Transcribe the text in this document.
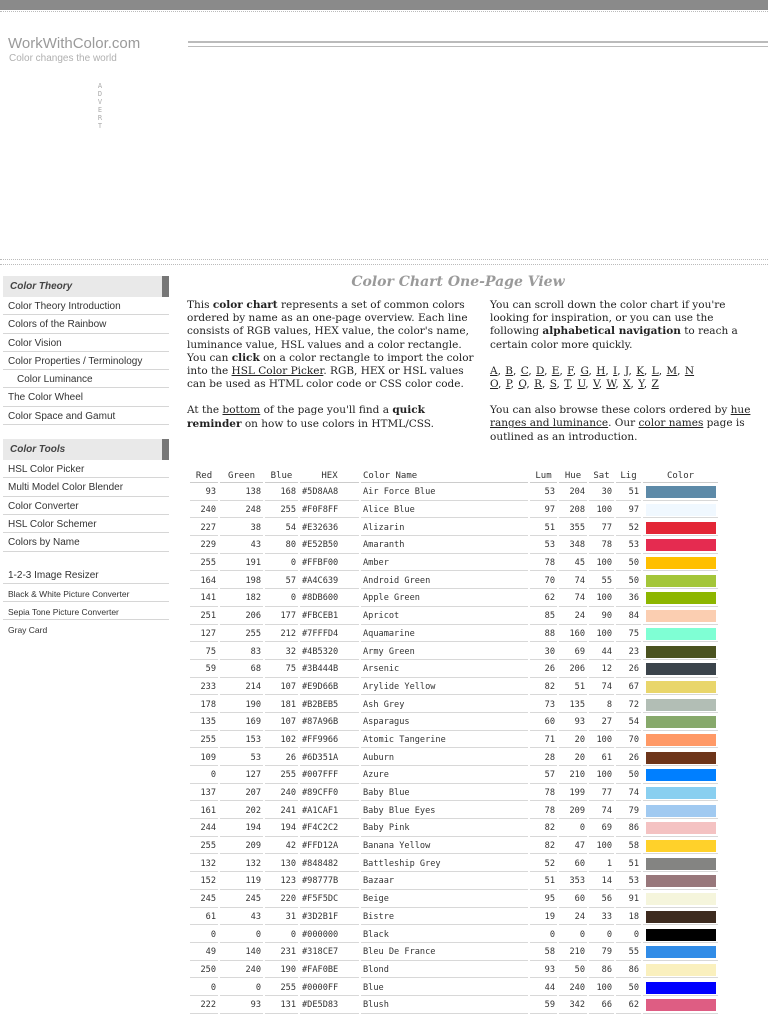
WorkWithColor.com
Color changes the world
A
D
V
E
R
T
Color Theory
Color Theory Introduction
Colors of the Rainbow
Color Vision
Color Properties / Terminology
Color Luminance
The Color Wheel
Color Space and Gamut
Color Tools
HSL Color Picker
Multi Model Color Blender
Color Converter
HSL Color Schemer
Colors by Name
1-2-3 Image Resizer
Black & White Picture Converter
Sepia Tone Picture Converter
Gray Card
Color Chart One-Page View
This color chart represents a set of common colors ordered by name as an one-page overview. Each line consists of RGB values, HEX value, the color's name, luminance value, HSL values and a color rectangle. You can click on a color rectangle to import the color into the HSL Color Picker. RGB, HEX or HSL values can be used as HTML color code or CSS color code.
At the bottom of the page you'll find a quick reminder on how to use colors in HTML/CSS.
You can scroll down the color chart if you're looking for inspiration, or you can use the following alphabetical navigation to reach a certain color more quickly.
A, B, C, D, E, F, G, H, I, J, K, L, M, N
O, P, Q, R, S, T, U, V, W, X, Y, Z
You can also browse these colors ordered by hue ranges and luminance. Our color names page is outlined as an introduction.
Red	Green	Blue	HEX	Color Name	Lum	Hue	Sat	Lig	Color
93	138	168	#5D8AA8	Air Force Blue	53	204	30	51	

240	248	255	#F0F8FF	Alice Blue	97	208	100	97	

227	38	54	#E32636	Alizarin	51	355	77	52	

229	43	80	#E52B50	Amaranth	53	348	78	53	

255	191	0	#FFBF00	Amber	78	45	100	50	

164	198	57	#A4C639	Android Green	70	74	55	50	

141	182	0	#8DB600	Apple Green	62	74	100	36	

251	206	177	#FBCEB1	Apricot	85	24	90	84	

127	255	212	#7FFFD4	Aquamarine	88	160	100	75	

75	83	32	#4B5320	Army Green	30	69	44	23	

59	68	75	#3B444B	Arsenic	26	206	12	26	

233	214	107	#E9D66B	Arylide Yellow	82	51	74	67	

178	190	181	#B2BEB5	Ash Grey	73	135	8	72	

135	169	107	#87A96B	Asparagus	60	93	27	54	

255	153	102	#FF9966	Atomic Tangerine	71	20	100	70	

109	53	26	#6D351A	Auburn	28	20	61	26	

0	127	255	#007FFF	Azure	57	210	100	50	

137	207	240	#89CFF0	Baby Blue	78	199	77	74	

161	202	241	#A1CAF1	Baby Blue Eyes	78	209	74	79	

244	194	194	#F4C2C2	Baby Pink	82	0	69	86	

255	209	42	#FFD12A	Banana Yellow	82	47	100	58	

132	132	130	#848482	Battleship Grey	52	60	1	51	

152	119	123	#98777B	Bazaar	51	353	14	53	

245	245	220	#F5F5DC	Beige	95	60	56	91	

61	43	31	#3D2B1F	Bistre	19	24	33	18	

0	0	0	#000000	Black	0	0	0	0	

49	140	231	#318CE7	Bleu De France	58	210	79	55	

250	240	190	#FAF0BE	Blond	93	50	86	86	

0	0	255	#0000FF	Blue	44	240	100	50	

222	93	131	#DE5D83	Blush	59	342	66	62	
